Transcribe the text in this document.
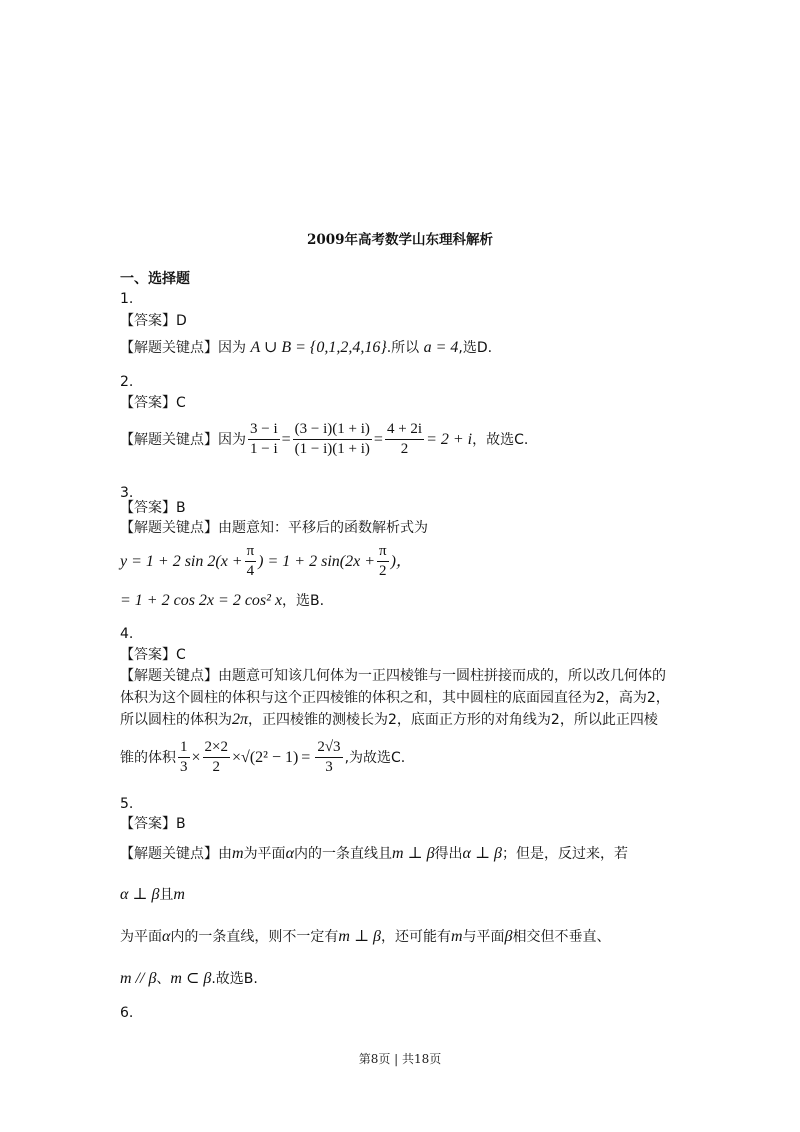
2009年高考数学山东理科解析
一、选择题
1.
【答案】D
【解题关键点】因为 A ∪ B = {0,1,2,4,16}.所以 a = 4,选D.
2.
【答案】C
【解题关键点】 因为 $\frac{3 - i}{1 - i} = \frac{(3 - i)(1 + i)}{(1 - i)(1 + i)} = \frac{4 + 2i}{2} = 2 + i$ ，故选C.
3.
【答案】B
【解题关键点】由题意知：平移后的函数解析式为
y = 1 + 2 $\sin 2(x + \frac{\pi}{4}$ ) = 1 + 2 $\sin(2x + \frac{\pi}{2}$ )，
= 1 + 2 cos 2x = 2 cos² x，选B.
4.
【答案】C
【解题关键点】由题意可知该几何体为一正四棱锥与一圆柱拼接而成的，所以改几何体的
体积为这个圆柱的体积与这个正四棱锥的体积之和，其中圆柱的底面园直径为2，高为2，
所以圆柱的体积为2π，正四棱锥的测棱长为2，底面正方形的对角线为2，所以此正四棱
锥的体积 $\frac{1}{3} \times \frac{2\times 2}{2} \times √(2^2 - 1) = \frac{2√3}{3}$ ,为故选C.
5.
【答案】B
【解题关键点】由m为平面α内的一条直线且m ⊥ β得出α ⊥ β；但是，反过来，若
α ⊥ β且m
为平面α内的一条直线，则不一定有m ⊥ β，还可能有m与平面β相交但不垂直、
m // β、m ⊂ β.故选B.
6.
第8页 | 共18页
